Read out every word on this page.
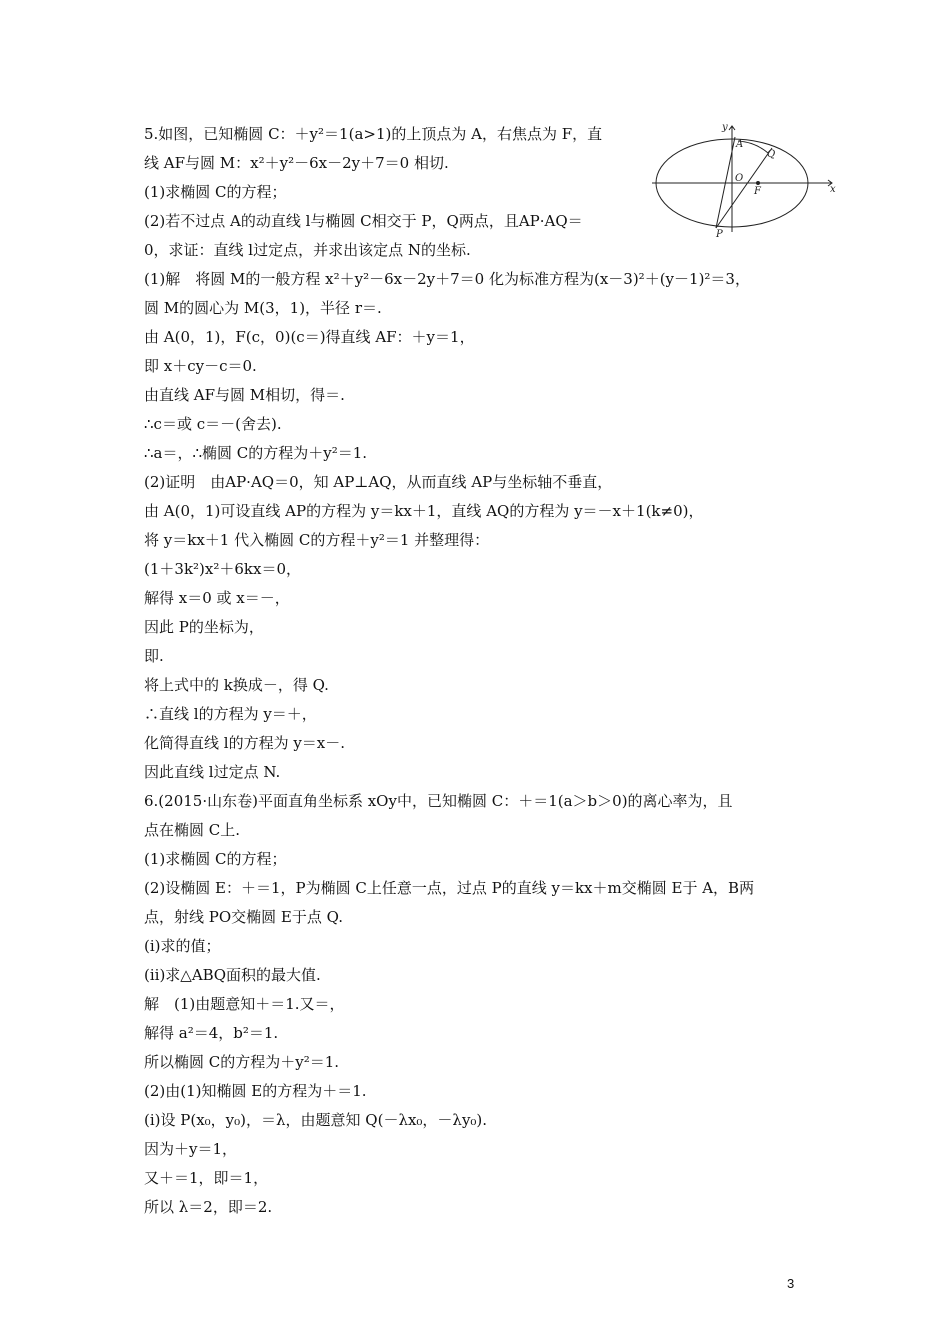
5.如图，已知椭圆 C：＋y²＝1(a>1)的上顶点为 A，右焦点为 F，直
线 AF与圆 M：x²＋y²－6x－2y＋7＝0 相切.
(1)求椭圆 C的方程；
(2)若不过点 A的动直线 l与椭圆 C相交于 P，Q两点，且AP·AQ＝
0，求证：直线 l过定点，并求出该定点 N的坐标.
(1)解　将圆 M的一般方程 x²＋y²－6x－2y＋7＝0 化为标准方程为(x－3)²＋(y－1)²＝3，
圆 M的圆心为 M(3，1)，半径 r＝.
由 A(0，1)，F(c，0)(c＝)得直线 AF：＋y＝1，
即 x＋cy－c＝0.
由直线 AF与圆 M相切，得＝.
∴c＝或 c＝－(舍去).
∴a＝，∴椭圆 C的方程为＋y²＝1.
(2)证明　由AP·AQ＝0，知 AP⊥AQ，从而直线 AP与坐标轴不垂直，
由 A(0，1)可设直线 AP的方程为 y＝kx＋1，直线 AQ的方程为 y＝－x＋1(k≠0)，
将 y＝kx＋1 代入椭圆 C的方程＋y²＝1 并整理得：
(1＋3k²)x²＋6kx＝0，
解得 x＝0 或 x＝－，
因此 P的坐标为，
即.
将上式中的 k换成－，得 Q.
∴直线 l的方程为 y＝＋，
化简得直线 l的方程为 y＝x－.
因此直线 l过定点 N.
6.(2015·山东卷)平面直角坐标系 xOy中，已知椭圆 C：＋＝1(a＞b＞0)的离心率为，且
点在椭圆 C上.
(1)求椭圆 C的方程；
(2)设椭圆 E：＋＝1，P为椭圆 C上任意一点，过点 P的直线 y＝kx＋m交椭圆 E于 A，B两
点，射线 PO交椭圆 E于点 Q.
(ⅰ)求的值；
(ⅱ)求△ABQ面积的最大值.
解　(1)由题意知＋＝1.又＝，
解得 a²＝4，b²＝1.
所以椭圆 C的方程为＋y²＝1.
(2)由(1)知椭圆 E的方程为＋＝1.
(ⅰ)设 P(x₀，y₀)，＝λ，由题意知 Q(－λx₀，－λy₀).
因为＋y＝1，
又＋＝1，即＝1，
所以 λ＝2，即＝2.
y
x
A
Q
O
F
P
3
